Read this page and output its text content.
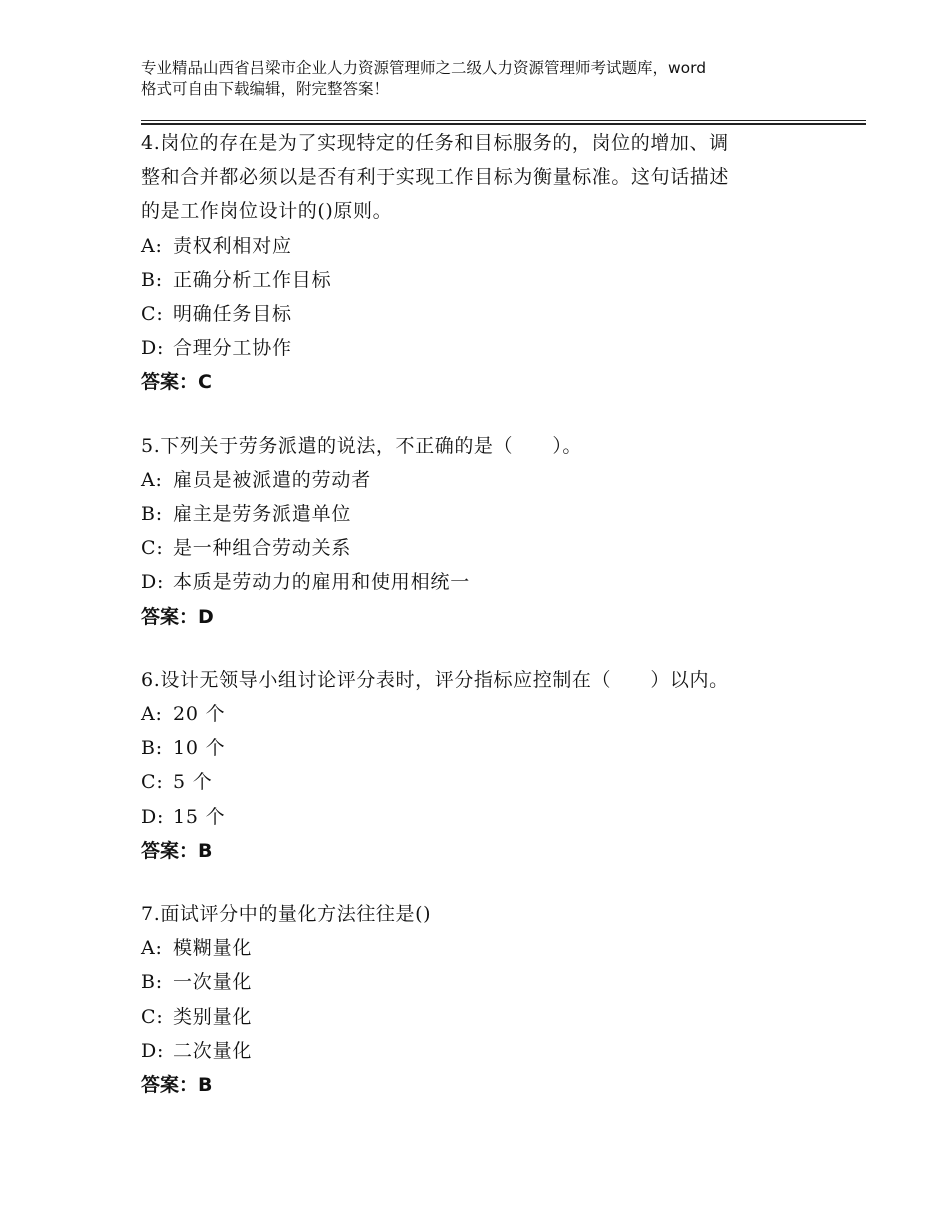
专业精品山西省吕梁市企业人力资源管理师之二级人力资源管理师考试题库，word
格式可自由下载编辑，附完整答案！
4.岗位的存在是为了实现特定的任务和目标服务的，岗位的增加、调
整和合并都必须以是否有利于实现工作目标为衡量标准。这句话描述
的是工作岗位设计的()原则。
A: 责权利相对应
B: 正确分析工作目标
C: 明确任务目标
D: 合理分工协作
答案：C
5.下列关于劳务派遣的说法，不正确的是（　　）。
A: 雇员是被派遣的劳动者
B: 雇主是劳务派遣单位
C: 是一种组合劳动关系
D: 本质是劳动力的雇用和使用相统一
答案：D
6.设计无领导小组讨论评分表时，评分指标应控制在（　　）以内。
A: 20 个
B: 10 个
C: 5 个
D: 15 个
答案：B
7.面试评分中的量化方法往往是()
A: 模糊量化
B: 一次量化
C: 类别量化
D: 二次量化
答案：B
